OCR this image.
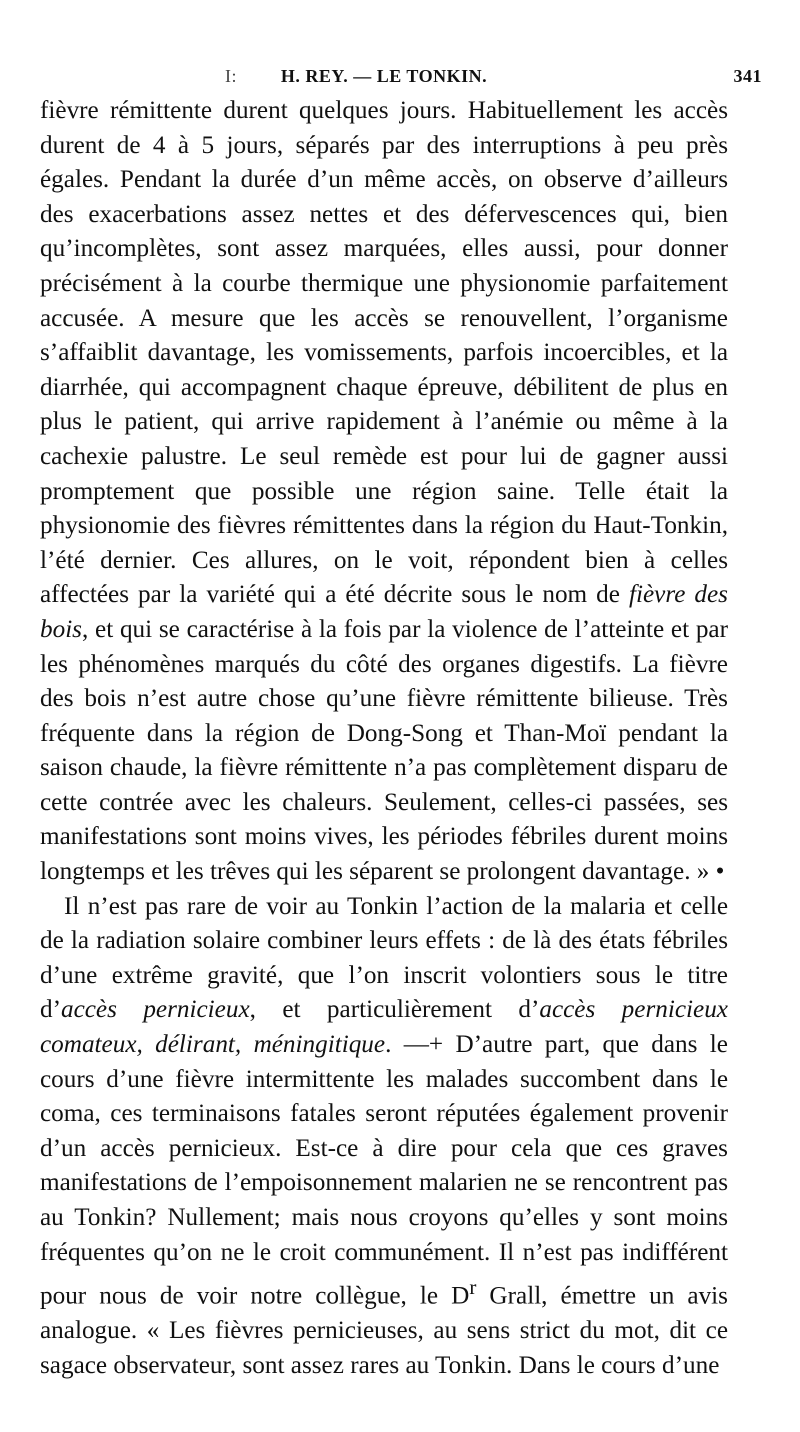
I:	H. REY. — LE TONKIN.	341

fièvre rémittente durent quelques jours. Habituellement les accès durent de 4 à 5 jours, séparés par des interruptions à peu près égales. Pendant la durée d’un même accès, on observe d’ailleurs des exacerbations assez nettes et des défervescences qui, bien qu’incomplètes, sont assez marquées, elles aussi, pour donner précisément à la courbe thermique une physionomie parfaitement accusée. A mesure que les accès se renouvellent, l’organisme s’affaiblit davantage, les vomissements, parfois incoercibles, et la diarrhée, qui accompagnent chaque épreuve, débilitent de plus en plus le patient, qui arrive rapidement à l’anémie ou même à la cachexie palustre. Le seul remède est pour lui de gagner aussi promptement que possible une région saine. Telle était la physionomie des fièvres rémittentes dans la région du Haut-Tonkin, l’été dernier. Ces allures, on le voit, répondent bien à celles affectées par la variété qui a été décrite sous le nom de fièvre des bois, et qui se caractérise à la fois par la violence de l’atteinte et par les phénomènes marqués du côté des organes digestifs. La fièvre des bois n’est autre chose qu’une fièvre rémittente bilieuse. Très fréquente dans la région de Dong-Song et Than-Moï pendant la saison chaude, la fièvre rémittente n’a pas complètement disparu de cette contrée avec les chaleurs. Seulement, celles-ci passées, ses manifestations sont moins vives, les périodes fébriles durent moins longtemps et les trêves qui les séparent se prolongent davantage. » •

Il n’est pas rare de voir au Tonkin l’action de la malaria et celle de la radiation solaire combiner leurs effets : de là des états fébriles d’une extrême gravité, que l’on inscrit volontiers sous le titre d’accès pernicieux, et particulièrement d’accès pernicieux comateux, délirant, méningitique. —+ D’autre part, que dans le cours d’une fièvre intermittente les malades succombent dans le coma, ces terminaisons fatales seront réputées également provenir d’un accès pernicieux. Est-ce à dire pour cela que ces graves manifestations de l’empoisonnement malarien ne se rencontrent pas au Tonkin? Nullement; mais nous croyons qu’elles y sont moins fréquentes qu’on ne le croit communément. Il n’est pas indifférent pour nous de voir notre collègue, le $D^r$ Grall, émettre un avis analogue. « Les fièvres pernicieuses, au sens strict du mot, dit ce sagace observateur, sont assez rares au Tonkin. Dans le cours d’une
